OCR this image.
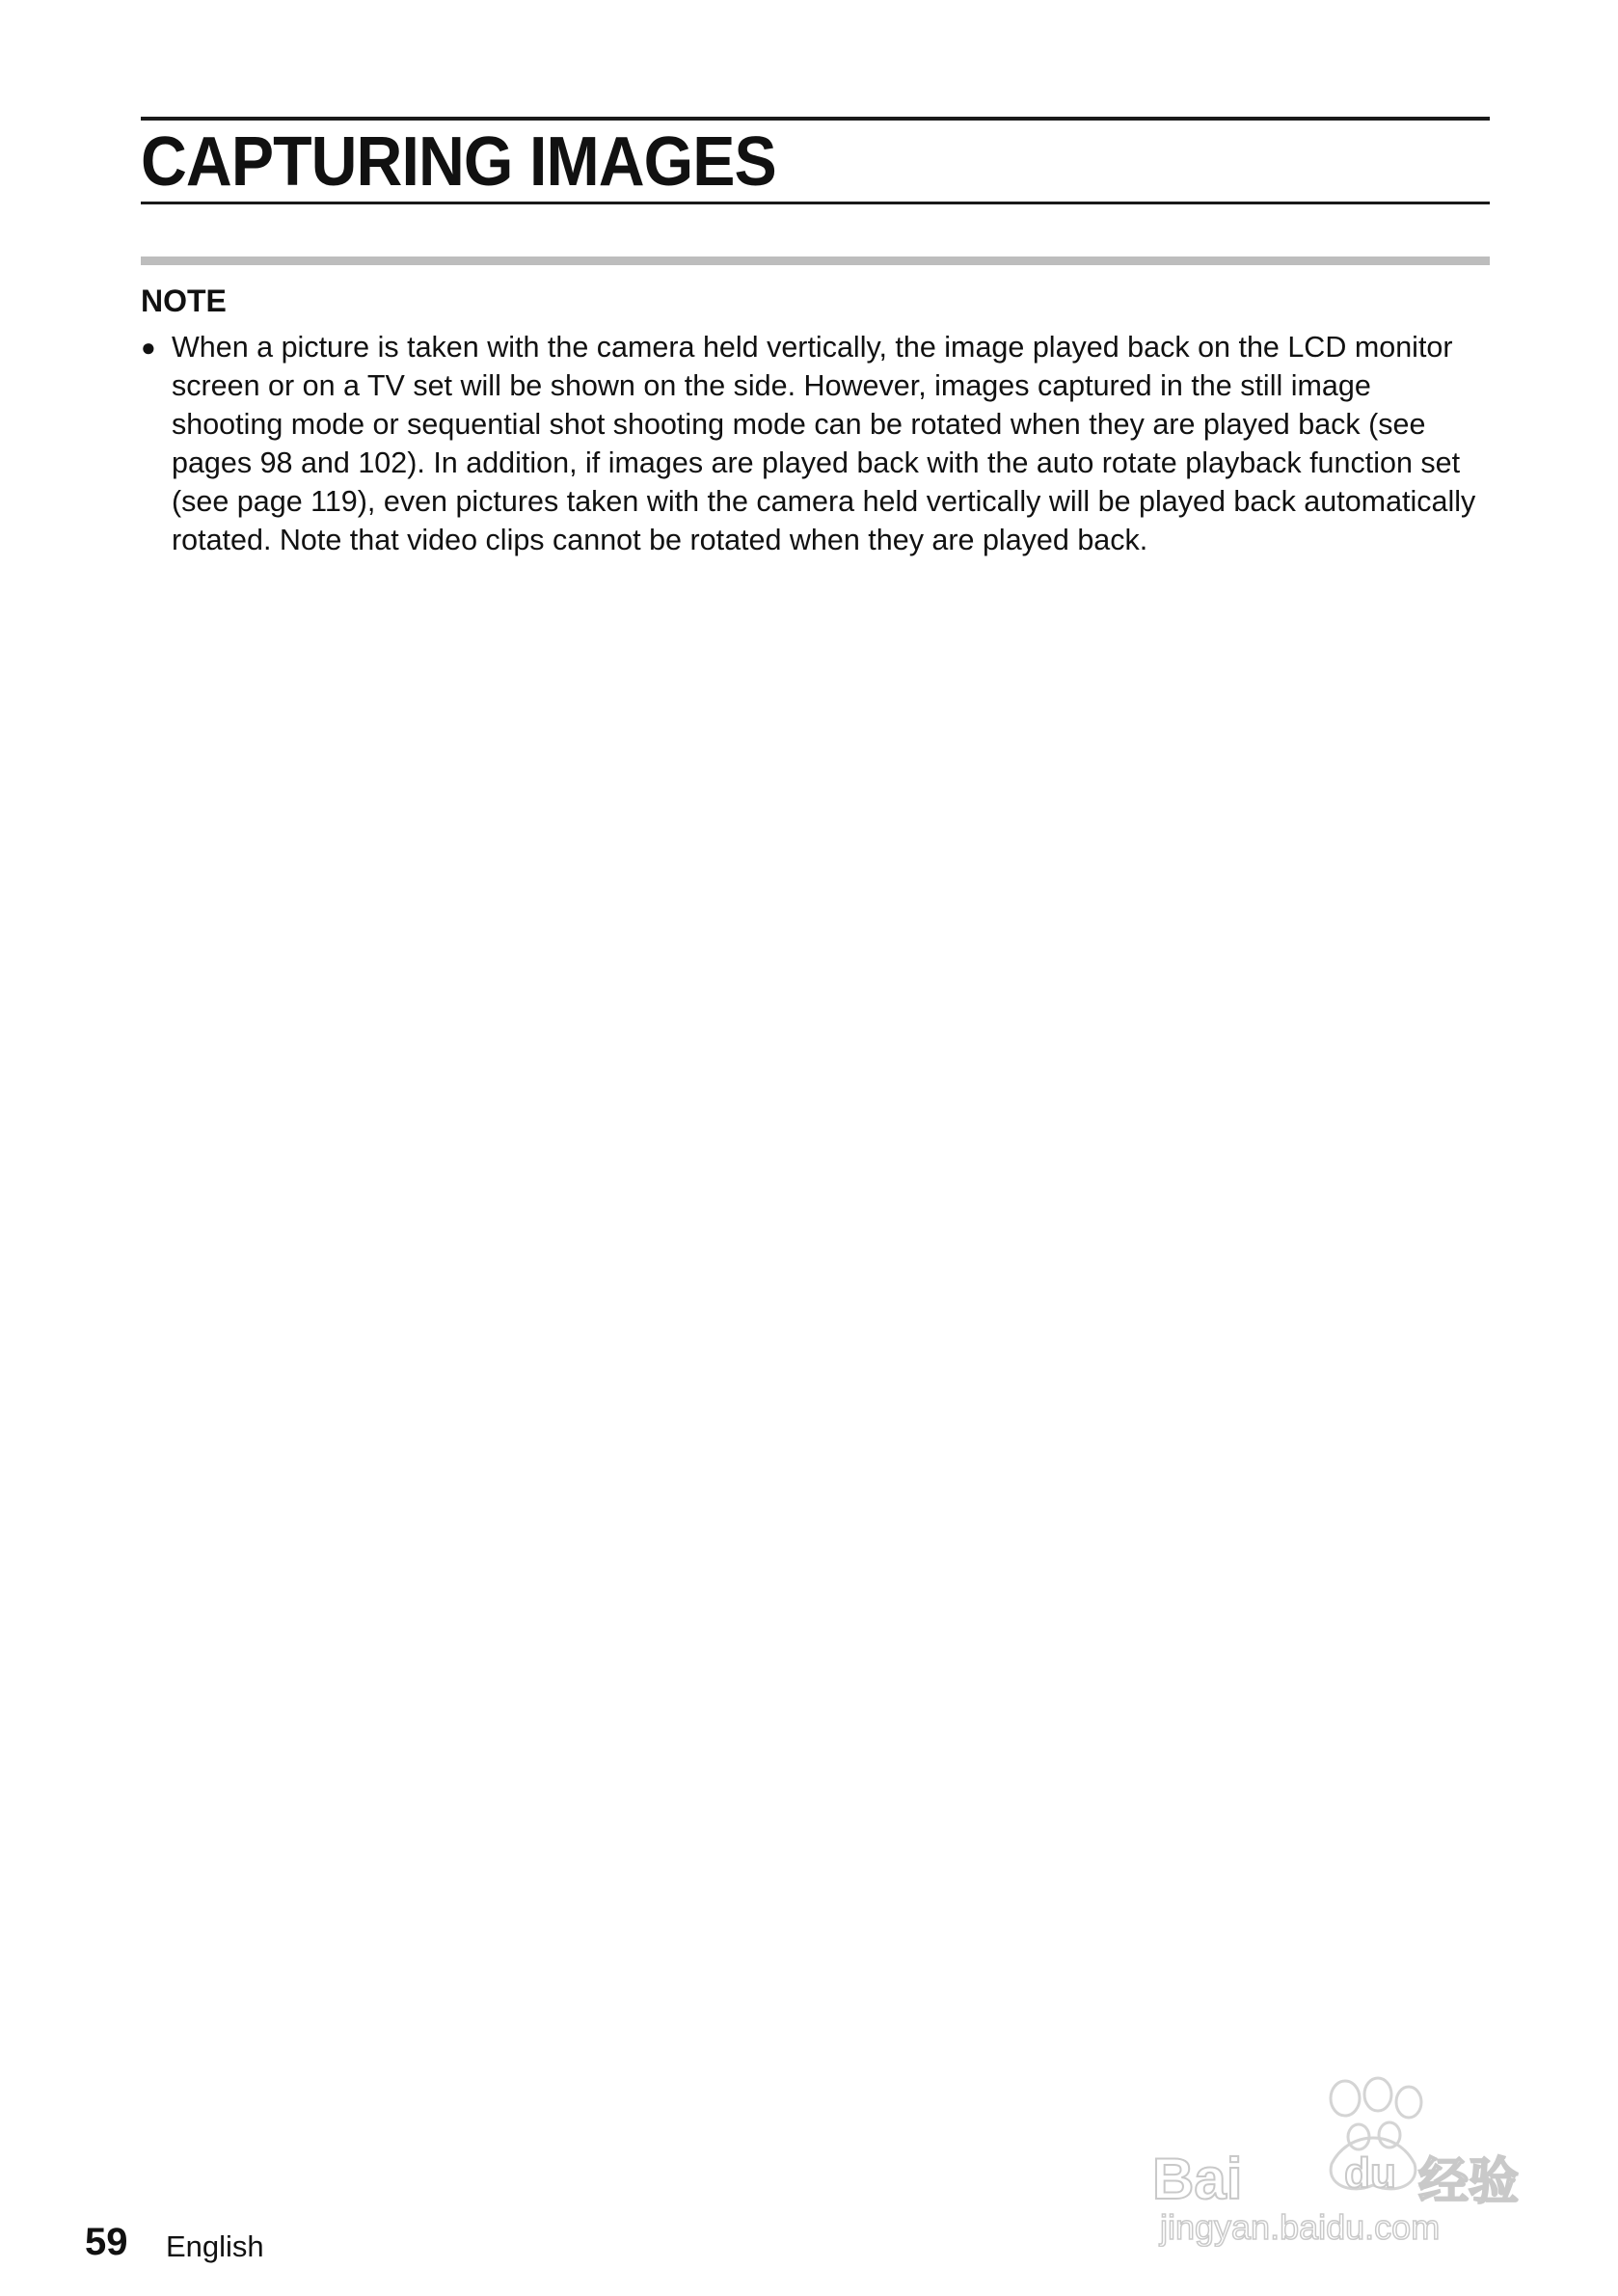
CAPTURING IMAGES
NOTE
● When a picture is taken with the camera held vertically, the image played back on the LCD monitor screen or on a TV set will be shown on the side. However, images captured in the still image shooting mode or sequential shot shooting mode can be rotated when they are played back (see pages 98 and 102). In addition, if images are played back with the auto rotate playback function set (see page 119), even pictures taken with the camera held vertically will be played back automatically rotated. Note that video clips cannot be rotated when they are played back.

59 English

Bai du 经验
jingyan.baidu.com
